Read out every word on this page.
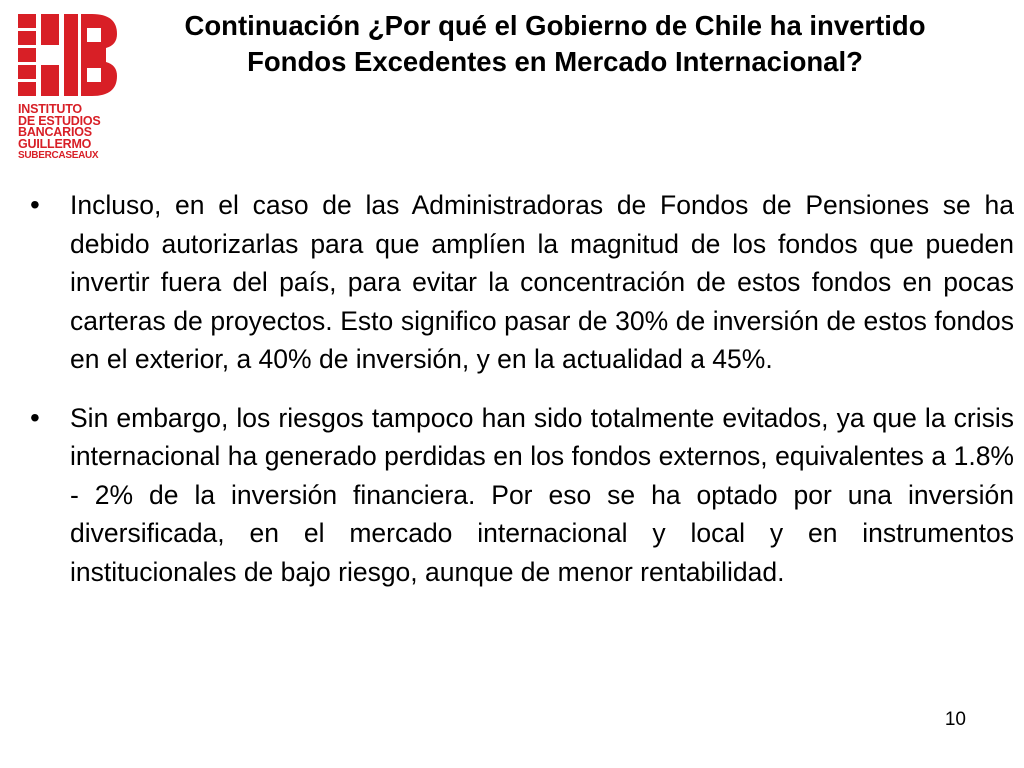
INSTITUTO
DE ESTUDIOS
BANCARIOS
GUILLERMO
SUBERCASEAUX
Continuación ¿Por qué el Gobierno de Chile ha invertido Fondos Excedentes en Mercado Internacional?
•	Incluso, en el caso de las Administradoras de Fondos de Pensiones se ha debido autorizarlas para que amplíen la magnitud de los fondos que pueden invertir fuera del país, para evitar la concentración de estos fondos en pocas carteras de proyectos. Esto significo pasar de 30% de inversión de estos fondos en el exterior, a 40% de inversión, y en la actualidad a 45%.
•	Sin embargo, los riesgos tampoco han sido totalmente evitados, ya que la crisis internacional ha generado perdidas en los fondos externos, equivalentes a 1.8% - 2% de la inversión financiera. Por eso se ha optado por una inversión diversificada, en el mercado internacional y local y en instrumentos institucionales de bajo riesgo, aunque de menor rentabilidad.
10
